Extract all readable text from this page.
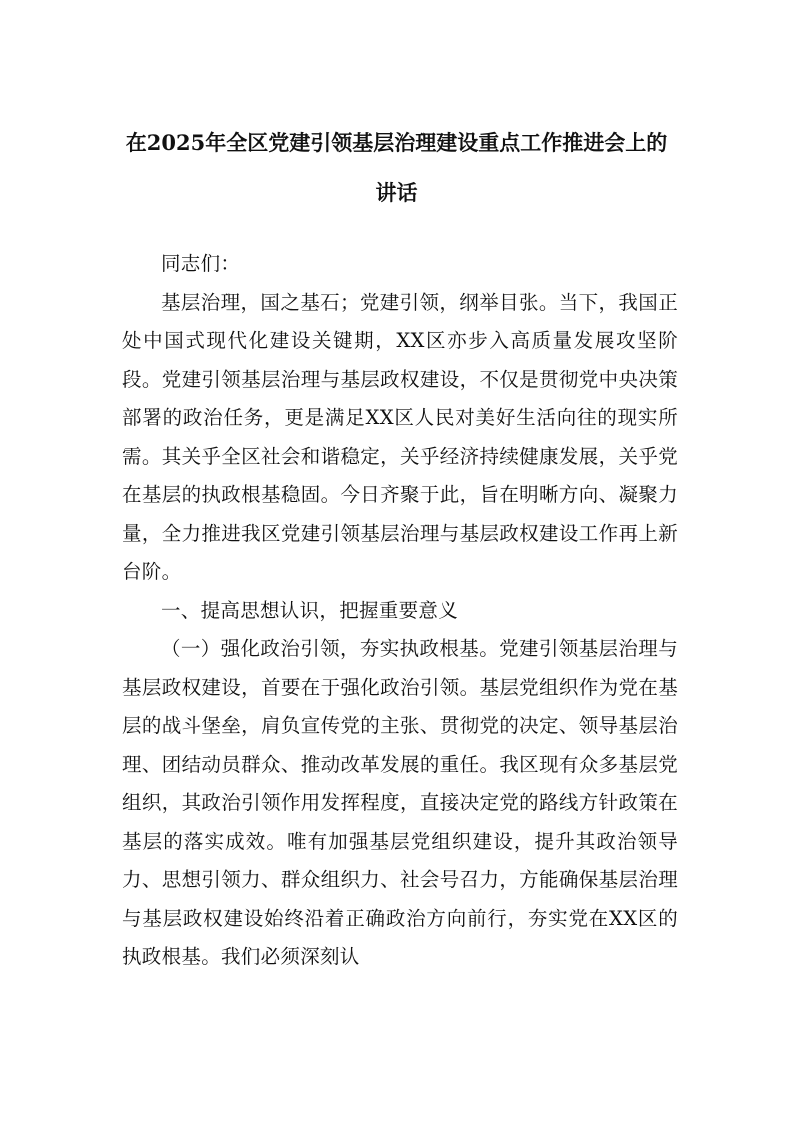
在2025年全区党建引领基层治理建设重点工作推进会上的
讲话

同志们：

基层治理，国之基石；党建引领，纲举目张。当下，我国正处中国式现代化建设关键期，XX区亦步入高质量发展攻坚阶段。党建引领基层治理与基层政权建设，不仅是贯彻党中央决策部署的政治任务，更是满足XX区人民对美好生活向往的现实所需。其关乎全区社会和谐稳定，关乎经济持续健康发展，关乎党在基层的执政根基稳固。今日齐聚于此，旨在明晰方向、凝聚力量，全力推进我区党建引领基层治理与基层政权建设工作再上新台阶。

一、提高思想认识，把握重要意义

（一）强化政治引领，夯实执政根基。党建引领基层治理与基层政权建设，首要在于强化政治引领。基层党组织作为党在基层的战斗堡垒，肩负宣传党的主张、贯彻党的决定、领导基层治理、团结动员群众、推动改革发展的重任。我区现有众多基层党组织，其政治引领作用发挥程度，直接决定党的路线方针政策在基层的落实成效。唯有加强基层党组织建设，提升其政治领导力、思想引领力、群众组织力、社会号召力，方能确保基层治理与基层政权建设始终沿着正确政治方向前行，夯实党在XX区的执政根基。我们必须深刻认
